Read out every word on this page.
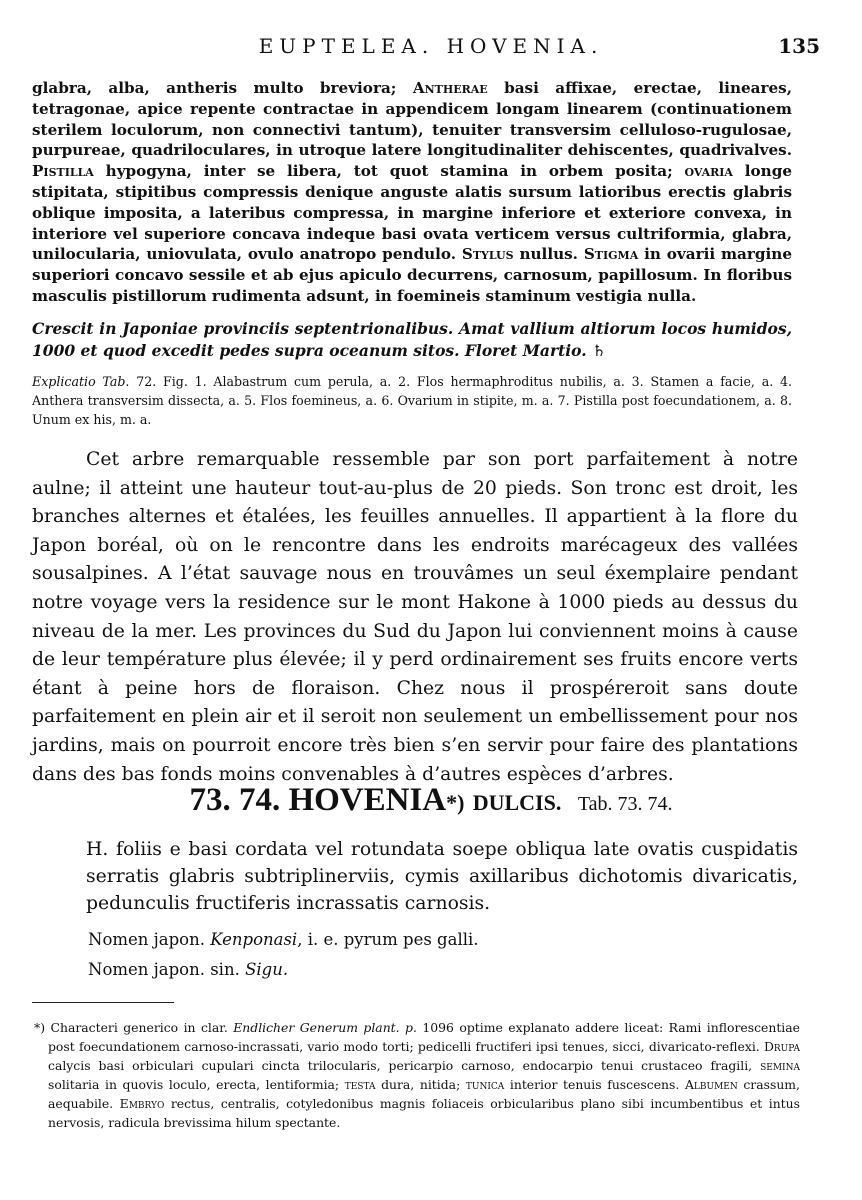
EUPTELEA. HOVENIA.	135

glabra, alba, antheris multo breviora; Antherae basi affixae, erectae, lineares, tetragonae, apice repente contractae in appendicem longam linearem (continuationem sterilem loculorum, non connectivi tantum), tenuiter transversim celluloso-rugulosae, purpureae, quadriloculares, in utroque latere longitudinaliter dehiscentes, quadrivalves. Pistilla hypogyna, inter se libera, tot quot stamina in orbem posita; ovaria longe stipitata, stipitibus compressis denique anguste alatis sursum latioribus erectis glabris oblique imposita, a lateribus compressa, in margine inferiore et exteriore convexa, in interiore vel superiore concava indeque basi ovata verticem versus cultriformia, glabra, unilocularia, uniovulata, ovulo anatropo pendulo. Stylus nullus. Stigma in ovarii margine superiori concavo sessile et ab ejus apiculo decurrens, carnosum, papillosum. In floribus masculis pistillorum rudimenta adsunt, in foemineis staminum vestigia nulla.

Crescit in Japoniae provinciis septentrionalibus. Amat vallium altiorum locos humidos, 1000 et quod excedit pedes supra oceanum sitos. Floret Martio. ♄

Explicatio Tab. 72. Fig. 1. Alabastrum cum perula, a. 2. Flos hermaphroditus nubilis, a. 3. Stamen a facie, a. 4. Anthera transversim dissecta, a. 5. Flos foemineus, a. 6. Ovarium in stipite, m. a. 7. Pistilla post foecundationem, a. 8. Unum ex his, m. a.

Cet arbre remarquable ressemble par son port parfaitement à notre aulne; il atteint une hauteur tout-au-plus de 20 pieds. Son tronc est droit, les branches alternes et étalées, les feuilles annuelles. Il appartient à la flore du Japon boréal, où on le rencontre dans les endroits marécageux des vallées sousalpines. A l’état sauvage nous en trouvâmes un seul éxemplaire pendant notre voyage vers la residence sur le mont Hakone à 1000 pieds au dessus du niveau de la mer. Les provinces du Sud du Japon lui conviennent moins à cause de leur température plus élevée; il y perd ordinairement ses fruits encore verts étant à peine hors de floraison. Chez nous il prospéreroit sans doute parfaitement en plein air et il seroit non seulement un embellissement pour nos jardins, mais on pourroit encore très bien s’en servir pour faire des plantations dans des bas fonds moins convenables à d’autres espèces d’arbres.

73. 74. HOVENIA*) DULCIS. Tab. 73. 74.

H. foliis e basi cordata vel rotundata soepe obliqua late ovatis cuspidatis serratis glabris subtriplinerviis, cymis axillaribus dichotomis divaricatis, pedunculis fructiferis incrassatis carnosis.

Nomen japon. Kenponasi, i. e. pyrum pes galli.
Nomen japon. sin. Sigu.

*) Characteri generico in clar. Endlicher Generum plant. p. 1096 optime explanato addere liceat: Rami inflorescentiae post foecundationem carnoso-incrassati, vario modo torti; pedicelli fructiferi ipsi tenues, sicci, divaricato-reflexi. Drupa calycis basi orbiculari cupulari cincta trilocularis, pericarpio carnoso, endocarpio tenui crustaceo fragili, semina solitaria in quovis loculo, erecta, lentiformia; testa dura, nitida; tunica interior tenuis fuscescens. Albumen crassum, aequabile. Embryo rectus, centralis, cotyledonibus magnis foliaceis orbicularibus plano sibi incumbentibus et intus nervosis, radicula brevissima hilum spectante.
